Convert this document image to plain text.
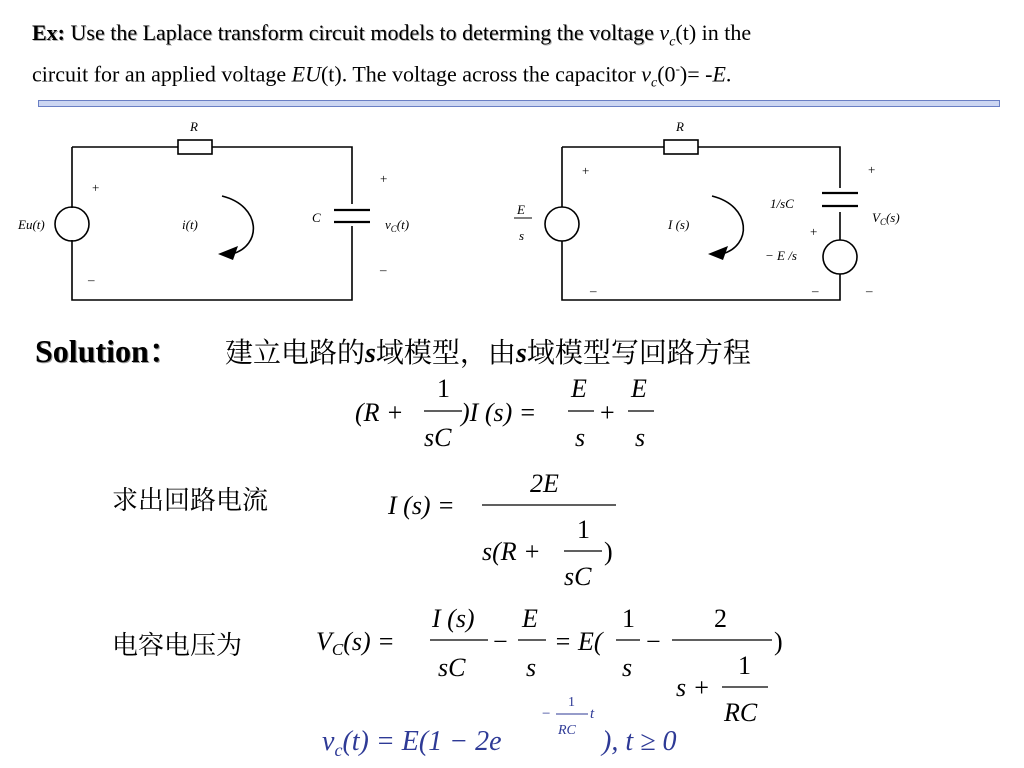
Ex: Use the Laplace transform circuit models to determing the voltage $v_c(t)$ in the
circuit for an applied voltage EU(t). The voltage across the capacitor $v_c(0^-)= -E$.
R
Eu(t)
+
–
i(t)	C
+
–
$v_C(t)$
E
s
R
+
–
I (s)
1/sC
+
− E /s
–
+
–
$V_C(s)$
Solution： 建立电路的s域模型，由s域模型写回路方程
求出回路电流
电容电压为
(R +
1
sC
)I (s) =
E
s
+
E
s
I (s) =
2E
s(R +
1
sC
)
VC(s) =
I (s)
sC
−
E
s
= E(
1
s
−
2
s +
1
RC
)
$v_c(t) = E(1 - 2e$
−
1
RC
t
), t ≥ 0
